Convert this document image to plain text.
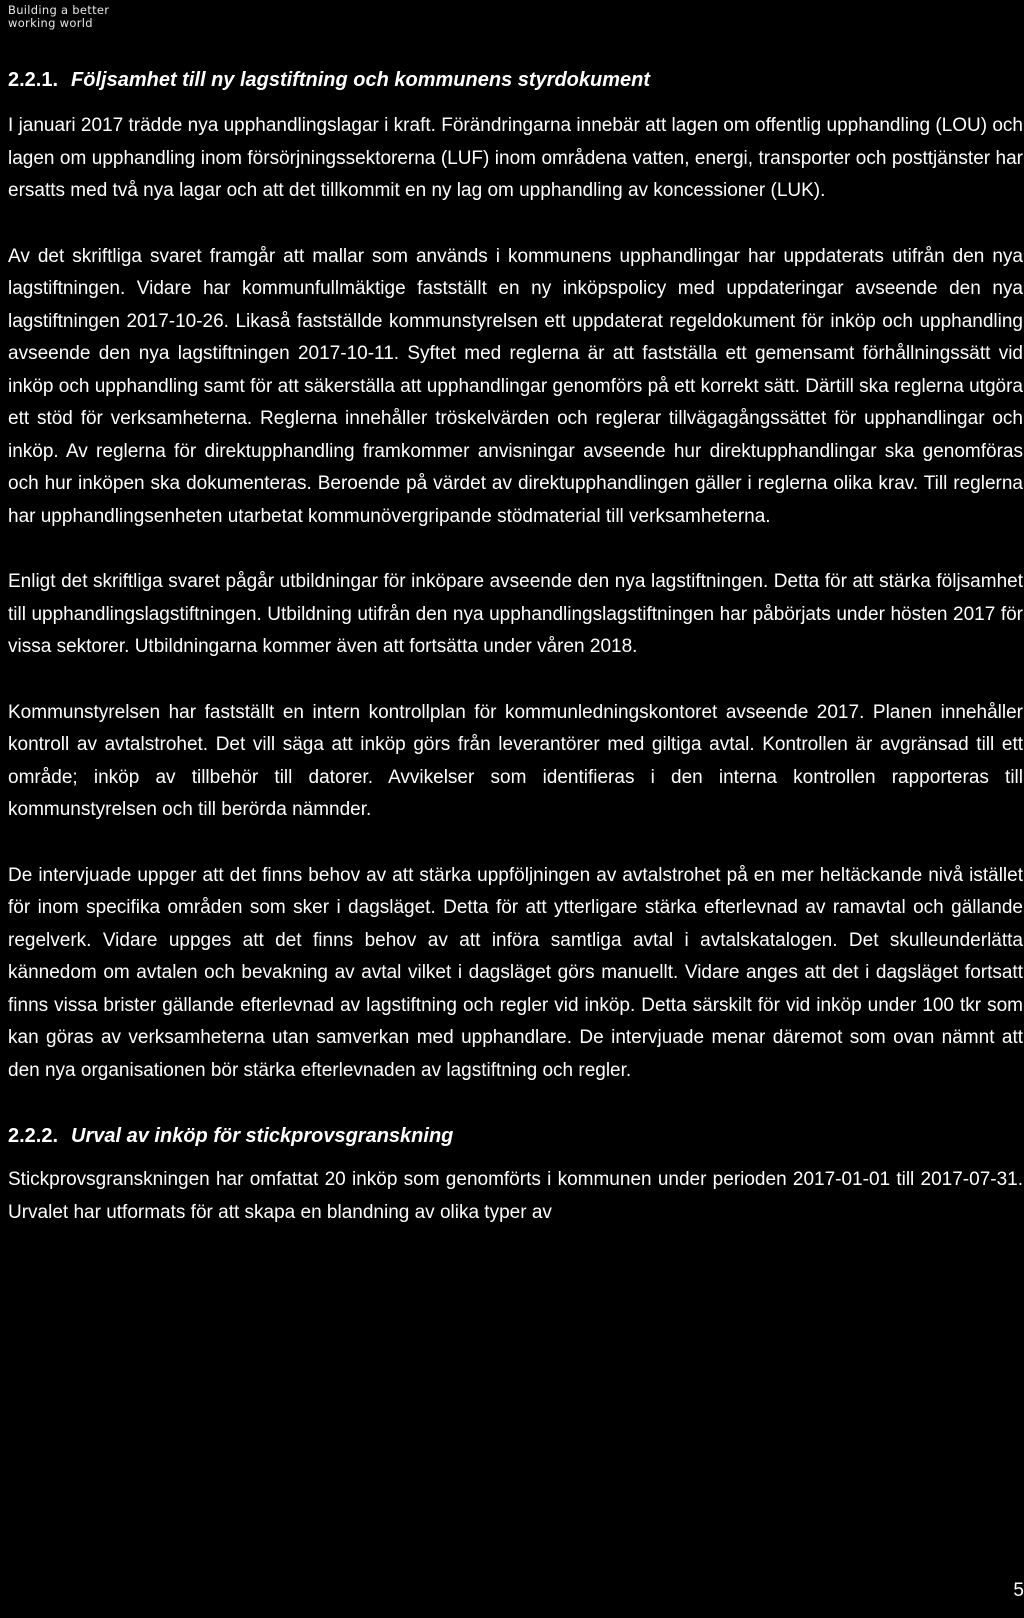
Building a better
working world
2.2.1. Följsamhet till ny lagstiftning och kommunens styrdokument

I januari 2017 trädde nya upphandlingslagar i kraft. Förändringarna innebär att lagen om offentlig upphandling (LOU) och lagen om upphandling inom försörjningssektorerna (LUF) inom områdena vatten, energi, transporter och posttjänster har ersatts med två nya lagar och att det tillkommit en ny lag om upphandling av koncessioner (LUK).

Av det skriftliga svaret framgår att mallar som används i kommunens upphandlingar har uppdaterats utifrån den nya lagstiftningen. Vidare har kommunfullmäktige fastställt en ny inköpspolicy med uppdateringar avseende den nya lagstiftningen 2017-10-26. Likaså fastställde kommunstyrelsen ett uppdaterat regeldokument för inköp och upphandling avseende den nya lagstiftningen 2017-10-11. Syftet med reglerna är att fastställa ett gemensamt förhållningssätt vid inköp och upphandling samt för att säkerställa att upphandlingar genomförs på ett korrekt sätt. Därtill ska reglerna utgöra ett stöd för verksamheterna. Reglerna innehåller tröskelvärden och reglerar tillvägagångssättet för upphandlingar och inköp. Av reglerna för direktupphandling framkommer anvisningar avseende hur direktupphandlingar ska genomföras och hur inköpen ska dokumenteras. Beroende på värdet av direktupphandlingen gäller i reglerna olika krav. Till reglerna har upphandlingsenheten utarbetat kommunövergripande stödmaterial till verksamheterna.

Enligt det skriftliga svaret pågår utbildningar för inköpare avseende den nya lagstiftningen. Detta för att stärka följsamhet till upphandlingslagstiftningen. Utbildning utifrån den nya upphandlingslagstiftningen har påbörjats under hösten 2017 för vissa sektorer. Utbildningarna kommer även att fortsätta under våren 2018.

Kommunstyrelsen har fastställt en intern kontrollplan för kommunledningskontoret avseende 2017. Planen innehåller kontroll av avtalstrohet. Det vill säga att inköp görs från leverantörer med giltiga avtal. Kontrollen är avgränsad till ett område; inköp av tillbehör till datorer. Avvikelser som identifieras i den interna kontrollen rapporteras till kommunstyrelsen och till berörda nämnder.

De intervjuade uppger att det finns behov av att stärka uppföljningen av avtalstrohet på en mer heltäckande nivå istället för inom specifika områden som sker i dagsläget. Detta för att ytterligare stärka efterlevnad av ramavtal och gällande regelverk. Vidare uppges att det finns behov av att införa samtliga avtal i avtalskatalogen. Det skulleunderlätta kännedom om avtalen och bevakning av avtal vilket i dagsläget görs manuellt. Vidare anges att det i dagsläget fortsatt finns vissa brister gällande efterlevnad av lagstiftning och regler vid inköp. Detta särskilt för vid inköp under 100 tkr som kan göras av verksamheterna utan samverkan med upphandlare. De intervjuade menar däremot som ovan nämnt att den nya organisationen bör stärka efterlevnaden av lagstiftning och regler.

2.2.2. Urval av inköp för stickprovsgranskning

Stickprovsgranskningen har omfattat 20 inköp som genomförts i kommunen under perioden 2017-01-01 till 2017-07-31. Urvalet har utformats för att skapa en blandning av olika typer av

5
